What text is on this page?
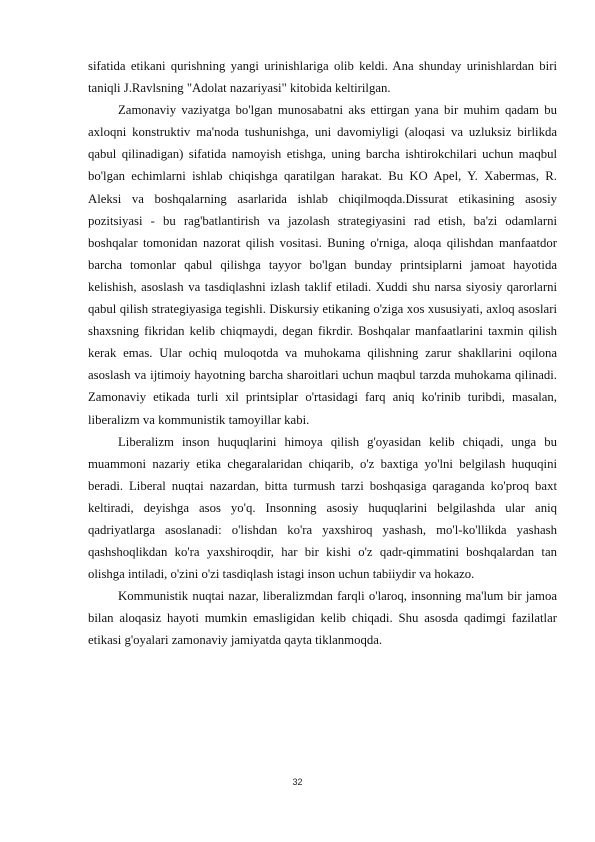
sifatida etikani qurishning yangi urinishlariga olib keldi. Ana shunday urinishlardan biri taniqli J.Ravlsning "Adolat nazariyasi" kitobida keltirilgan.

Zamonaviy vaziyatga bo'lgan munosabatni aks ettirgan yana bir muhim qadam bu axloqni konstruktiv ma'noda tushunishga, uni davomiyligi (aloqasi va uzluksiz birlikda qabul qilinadigan) sifatida namoyish etishga, uning barcha ishtirokchilari uchun maqbul bo'lgan echimlarni ishlab chiqishga qaratilgan harakat. Bu KO Apel, Y. Xabermas, R. Aleksi va boshqalarning asarlarida ishlab chiqilmoqda.Dissurat etikasining asosiy pozitsiyasi - bu rag'batlantirish va jazolash strategiyasini rad etish, ba'zi odamlarni boshqalar tomonidan nazorat qilish vositasi. Buning o'rniga, aloqa qilishdan manfaatdor barcha tomonlar qabul qilishga tayyor bo'lgan bunday printsiplarni jamoat hayotida kelishish, asoslash va tasdiqlashni izlash taklif etiladi. Xuddi shu narsa siyosiy qarorlarni qabul qilish strategiyasiga tegishli. Diskursiy etikaning o'ziga xos xususiyati, axloq asoslari shaxsning fikridan kelib chiqmaydi, degan fikrdir. Boshqalar manfaatlarini taxmin qilish kerak emas. Ular ochiq muloqotda va muhokama qilishning zarur shakllarini oqilona asoslash va ijtimoiy hayotning barcha sharoitlari uchun maqbul tarzda muhokama qilinadi. Zamonaviy etikada turli xil printsiplar o'rtasidagi farq aniq ko'rinib turibdi, masalan, liberalizm va kommunistik tamoyillar kabi.

Liberalizm inson huquqlarini himoya qilish g'oyasidan kelib chiqadi, unga bu muammoni nazariy etika chegaralaridan chiqarib, o'z baxtiga yo'lni belgilash huquqini beradi. Liberal nuqtai nazardan, bitta turmush tarzi boshqasiga qaraganda ko'proq baxt keltiradi, deyishga asos yo'q. Insonning asosiy huquqlarini belgilashda ular aniq qadriyatlarga asoslanadi: o'lishdan ko'ra yaxshiroq yashash, mo'l-ko'llikda yashash qashshoqlikdan ko'ra yaxshiroqdir, har bir kishi o'z qadr-qimmatini boshqalardan tan olishga intiladi, o'zini o'zi tasdiqlash istagi inson uchun tabiiydir va hokazo.

Kommunistik nuqtai nazar, liberalizmdan farqli o'laroq, insonning ma'lum bir jamoa bilan aloqasiz hayoti mumkin emasligidan kelib chiqadi. Shu asosda qadimgi fazilatlar etikasi g'oyalari zamonaviy jamiyatda qayta tiklanmoqda.

32
